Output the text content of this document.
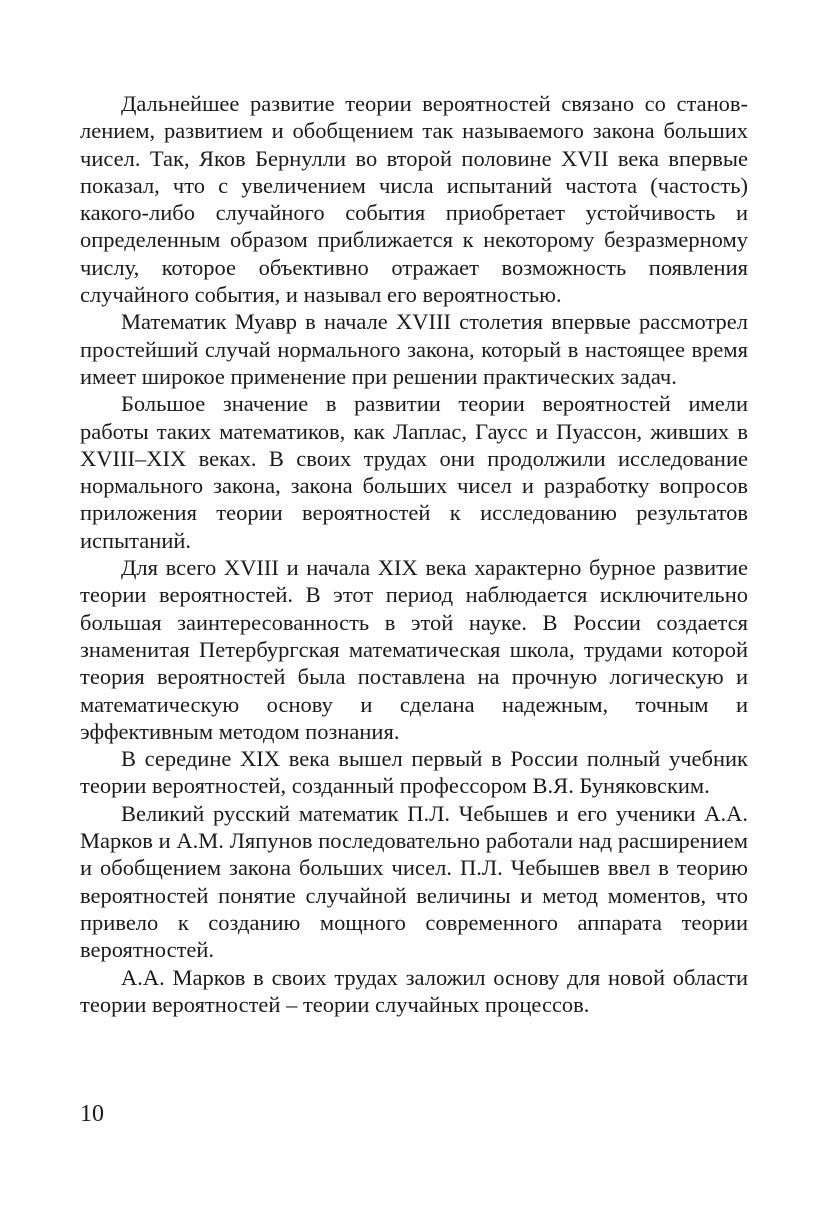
Дальнейшее развитие теории вероятностей связано со становлением, развитием и обобщением так называемого закона больших чисел. Так, Яков Бернулли во второй половине XVII века впервые показал, что с увеличением числа испытаний частота (частость) какого-либо случайного события приобретает устойчивость и определенным образом приближается к некоторому безразмерному числу, которое объективно отражает возможность появления случайного события, и называл его вероятностью.

Математик Муавр в начале XVIII столетия впервые рассмотрел простейший случай нормального закона, который в настоящее время имеет широкое применение при решении практических задач.

Большое значение в развитии теории вероятностей имели работы таких математиков, как Лаплас, Гаусс и Пуассон, живших в XVIII–XIX веках. В своих трудах они продолжили исследование нормального закона, закона больших чисел и разработку вопросов приложения теории вероятностей к исследованию результатов испытаний.

Для всего XVIII и начала XIX века характерно бурное развитие теории вероятностей. В этот период наблюдается исключительно большая заинтересованность в этой науке. В России создается знаменитая Петербургская математическая школа, трудами которой теория вероятностей была поставлена на прочную логическую и математическую основу и сделана надежным, точным и эффективным методом познания.

В середине XIX века вышел первый в России полный учебник теории вероятностей, созданный профессором В.Я. Буняковским.

Великий русский математик П.Л. Чебышев и его ученики А.А. Марков и А.М. Ляпунов последовательно работали над расширением и обобщением закона больших чисел. П.Л. Чебышев ввел в теорию вероятностей понятие случайной величины и метод моментов, что привело к созданию мощного современного аппарата теории вероятностей.

А.А. Марков в своих трудах заложил основу для новой области теории вероятностей – теории случайных процессов.

10
